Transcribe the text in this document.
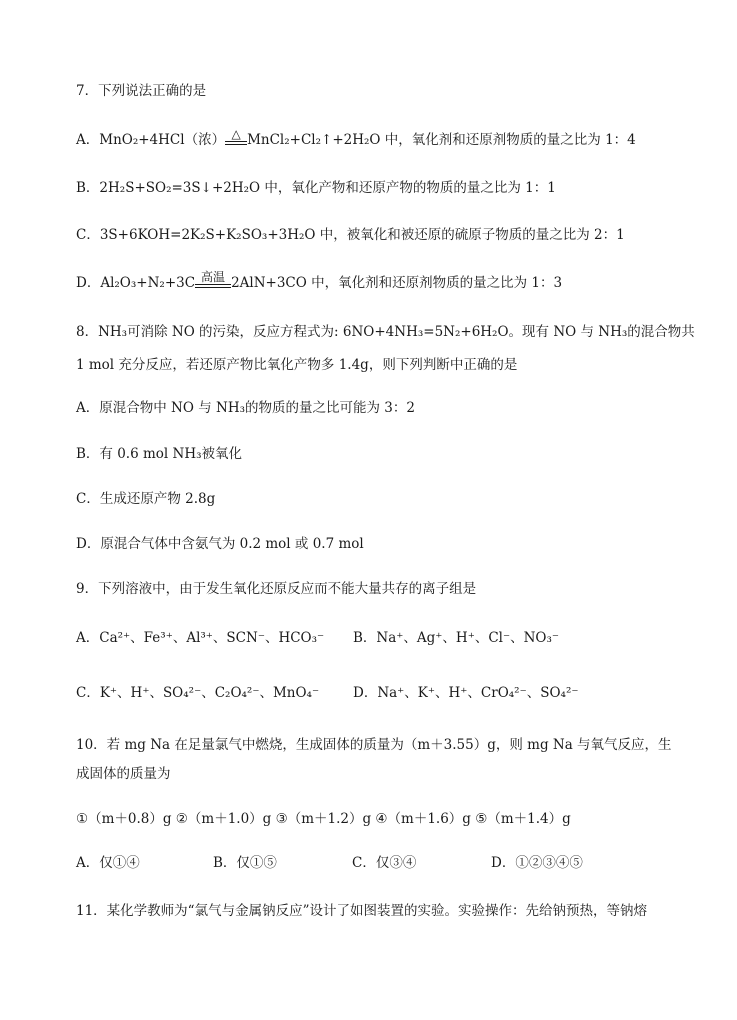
7．下列说法正确的是
A．MnO₂+4HCl（浓） △ MnCl₂+Cl₂↑+2H₂O 中，氧化剂和还原剂物质的量之比为 1：4
B．2H₂S+SO₂=3S↓+2H₂O 中，氧化产物和还原产物的物质的量之比为 1：1
C．3S+6KOH=2K₂S+K₂SO₃+3H₂O 中，被氧化和被还原的硫原子物质的量之比为 2：1
D．Al₂O₃+N₂+3C 高温 2AlN+3CO 中，氧化剂和还原剂物质的量之比为 1：3
8．NH₃可消除 NO 的污染，反应方程式为: 6NO+4NH₃=5N₂+6H₂O。现有 NO 与 NH₃的混合物共
1 mol 充分反应，若还原产物比氧化产物多 1.4g，则下列判断中正确的是
A．原混合物中 NO 与 NH₃的物质的量之比可能为 3：2
B．有 0.6 mol NH₃被氧化
C．生成还原产物 2.8g
D．原混合气体中含氨气为 0.2 mol 或 0.7 mol
9．下列溶液中，由于发生氧化还原反应而不能大量共存的离子组是
A．Ca²⁺、Fe³⁺、Al³⁺、SCN⁻、HCO₃⁻ B．Na⁺、Ag⁺、H⁺、Cl⁻、NO₃⁻
C．K⁺、H⁺、SO₄²⁻、C₂O₄²⁻、MnO₄⁻	D．Na⁺、K⁺、H⁺、CrO₄²⁻、SO₄²⁻
10．若 mg Na 在足量氯气中燃烧，生成固体的质量为（m＋3.55）g，则 mg Na 与氧气反应，生
成固体的质量为
①（m＋0.8）g ②（m＋1.0）g ③（m＋1.2）g ④（m＋1.6）g ⑤（m＋1.4）g
A．仅①④	B．仅①⑤	C．仅③④	D．①②③④⑤
11．某化学教师为“氯气与金属钠反应”设计了如图装置的实验。实验操作：先给钠预热，等钠熔
